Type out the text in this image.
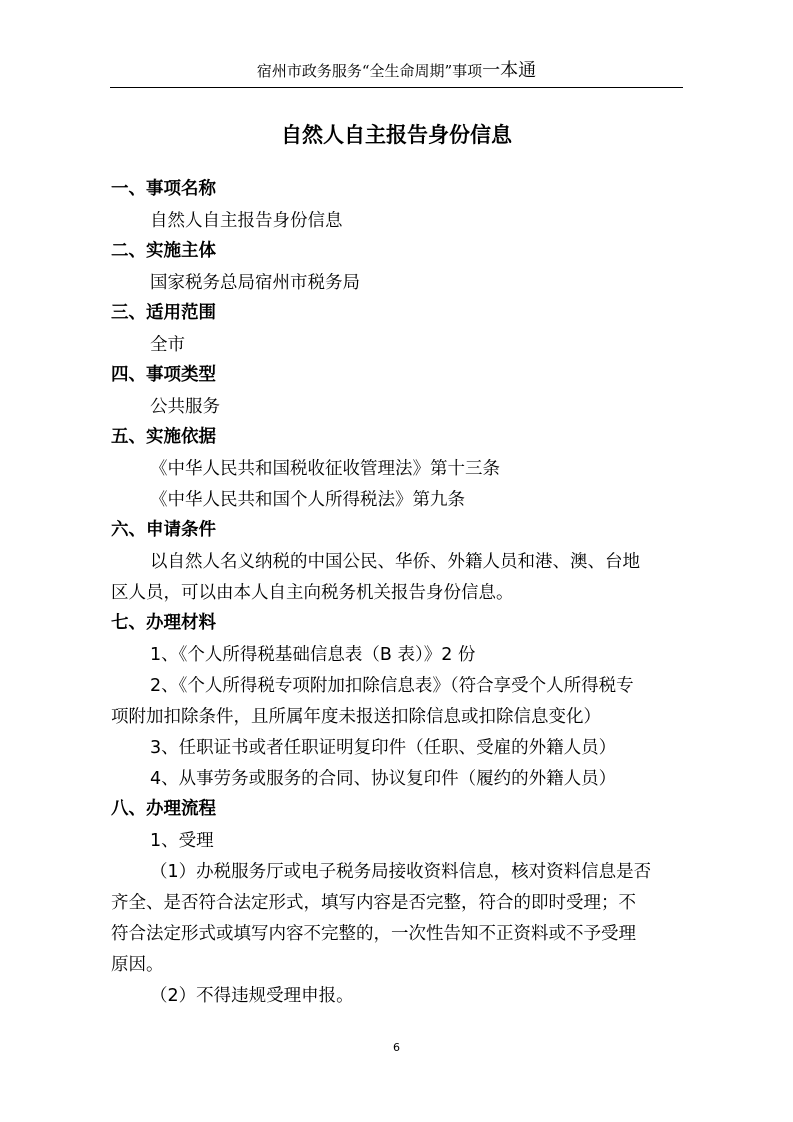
宿州市政务服务“全生命周期”事项一本通
自然人自主报告身份信息
一、事项名称
自然人自主报告身份信息
二、实施主体
国家税务总局宿州市税务局
三、适用范围
全市
四、事项类型
公共服务
五、实施依据
《中华人民共和国税收征收管理法》第十三条
《中华人民共和国个人所得税法》第九条
六、申请条件
以自然人名义纳税的中国公民、华侨、外籍人员和港、澳、台地
区人员，可以由本人自主向税务机关报告身份信息。
七、办理材料
1、《个人所得税基础信息表（B 表）》2 份
2、《个人所得税专项附加扣除信息表》（符合享受个人所得税专
项附加扣除条件，且所属年度未报送扣除信息或扣除信息变化）
3、任职证书或者任职证明复印件（任职、受雇的外籍人员）
4、从事劳务或服务的合同、协议复印件（履约的外籍人员）
八、办理流程
1、受理
（1）办税服务厅或电子税务局接收资料信息，核对资料信息是否
齐全、是否符合法定形式，填写内容是否完整，符合的即时受理；不
符合法定形式或填写内容不完整的，一次性告知不正资料或不予受理
原因。
（2）不得违规受理申报。
6
